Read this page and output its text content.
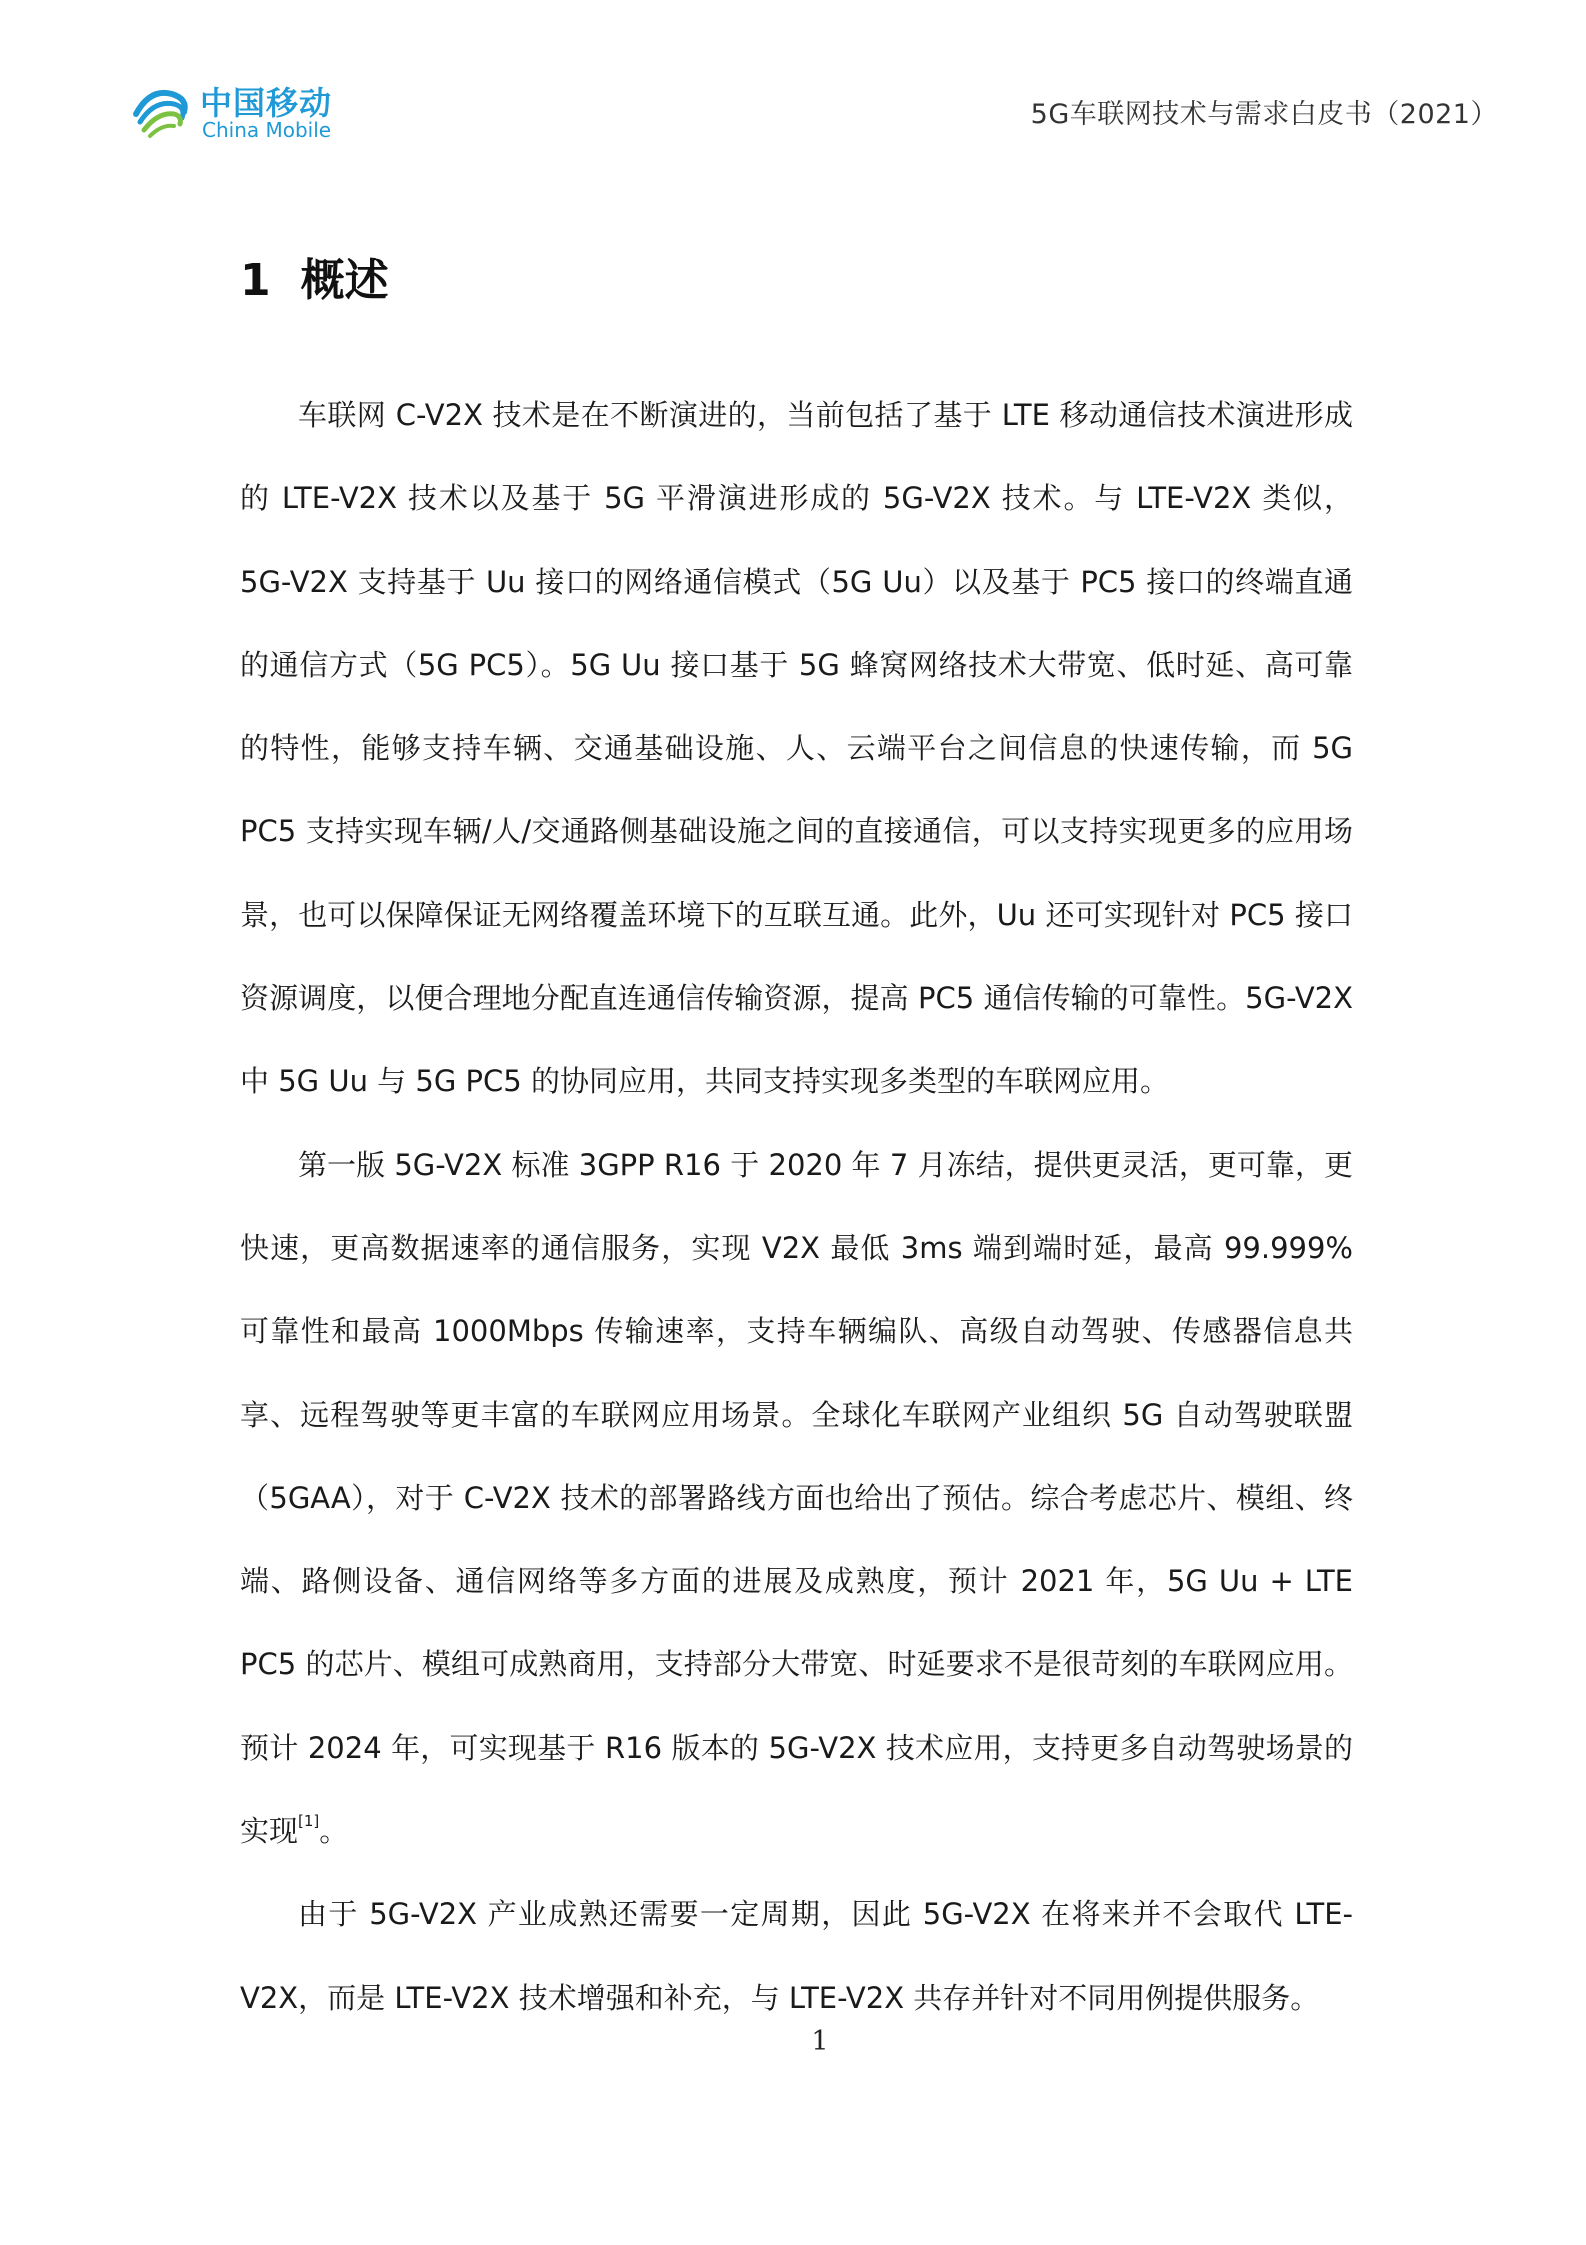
中国移动
China Mobile	5G车联网技术与需求白皮书（2021）
1 概述

车联网 C-V2X 技术是在不断演进的，当前包括了基于 LTE 移动通信技术演进形成的 LTE-V2X 技术以及基于 5G 平滑演进形成的 5G-V2X 技术。与 LTE-V2X 类似，5G-V2X 支持基于 Uu 接口的网络通信模式（5G Uu）以及基于 PC5 接口的终端直通的通信方式（5G PC5）。5G Uu 接口基于 5G 蜂窝网络技术大带宽、低时延、高可靠的特性，能够支持车辆、交通基础设施、人、云端平台之间信息的快速传输，而 5G PC5 支持实现车辆/人/交通路侧基础设施之间的直接通信，可以支持实现更多的应用场景，也可以保障保证无网络覆盖环境下的互联互通。此外，Uu 还可实现针对 PC5 接口资源调度，以便合理地分配直连通信传输资源，提高 PC5 通信传输的可靠性。5G-V2X 中 5G Uu 与 5G PC5 的协同应用，共同支持实现多类型的车联网应用。

第一版 5G-V2X 标准 3GPP R16 于 2020 年 7 月冻结，提供更灵活，更可靠，更快速，更高数据速率的通信服务，实现 V2X 最低 3ms 端到端时延，最高 99.999% 可靠性和最高 1000Mbps 传输速率，支持车辆编队、高级自动驾驶、传感器信息共享、远程驾驶等更丰富的车联网应用场景。全球化车联网产业组织 5G 自动驾驶联盟（5GAA），对于 C-V2X 技术的部署路线方面也给出了预估。综合考虑芯片、模组、终端、路侧设备、通信网络等多方面的进展及成熟度，预计 2021 年，5G Uu + LTE PC5 的芯片、模组可成熟商用，支持部分大带宽、时延要求不是很苛刻的车联网应用。预计 2024 年，可实现基于 R16 版本的 5G-V2X 技术应用，支持更多自动驾驶场景的实现[1]。

由于 5G-V2X 产业成熟还需要一定周期，因此 5G-V2X 在将来并不会取代 LTE-V2X，而是 LTE-V2X 技术增强和补充，与 LTE-V2X 共存并针对不同用例提供服务。

1
